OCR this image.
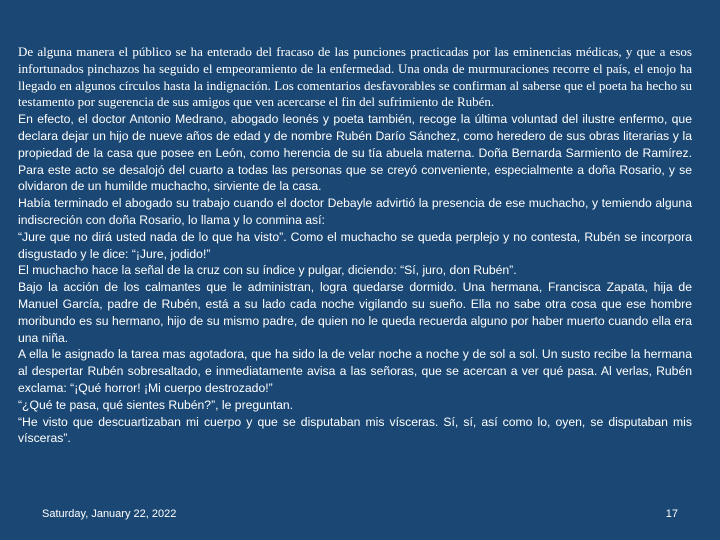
De alguna manera el público se ha enterado del fracaso de las punciones practicadas por las eminencias médicas, y que a esos infortunados pinchazos ha seguido el empeoramiento de la enfermedad. Una onda de murmuraciones recorre el país, el enojo ha llegado en algunos círculos hasta la indignación. Los comentarios desfavorables se confirman al saberse que el poeta ha hecho su testamento por sugerencia de sus amigos que ven acercarse el fin del sufrimiento de Rubén.

En efecto, el doctor Antonio Medrano, abogado leonés y poeta también, recoge la última voluntad del ilustre enfermo, que declara dejar un hijo de nueve años de edad y de nombre Rubén Darío Sánchez, como heredero de sus obras literarias y la propiedad de la casa que posee en León, como herencia de su tía abuela materna. Doña Bernarda Sarmiento de Ramírez. Para este acto se desalojó del cuarto a todas las personas que se creyó conveniente, especialmente a doña Rosario, y se olvidaron de un humilde muchacho, sirviente de la casa.

Había terminado el abogado su trabajo cuando el doctor Debayle advirtió la presencia de ese muchacho, y temiendo alguna indiscreción con doña Rosario, lo llama y lo conmina así:

“Jure que no dirá usted nada de lo que ha visto”. Como el muchacho se queda perplejo y no contesta, Rubén se incorpora disgustado y le dice: “¡Jure, jodido!”

El muchacho hace la señal de la cruz con su índice y pulgar, diciendo: “Sí, juro, don Rubén”.

Bajo la acción de los calmantes que le administran, logra quedarse dormido. Una hermana, Francisca Zapata, hija de Manuel García, padre de Rubén, está a su lado cada noche vigilando su sueño. Ella no sabe otra cosa que ese hombre moribundo es su hermano, hijo de su mismo padre, de quien no le queda recuerda alguno por haber muerto cuando ella era una niña.

A ella le asignado la tarea mas agotadora, que ha sido la de velar noche a noche y de sol a sol. Un susto recibe la hermana al despertar Rubén sobresaltado, e inmediatamente avisa a las señoras, que se acercan a ver qué pasa. Al verlas, Rubén exclama: “¡Qué horror! ¡Mi cuerpo destrozado!”

“¿Qué te pasa, qué sientes Rubén?”, le preguntan.

“He visto que descuartizaban mi cuerpo y que se disputaban mis vísceras. Sí, sí, así como lo, oyen, se disputaban mis vísceras”.

Saturday, January 22, 2022	17
